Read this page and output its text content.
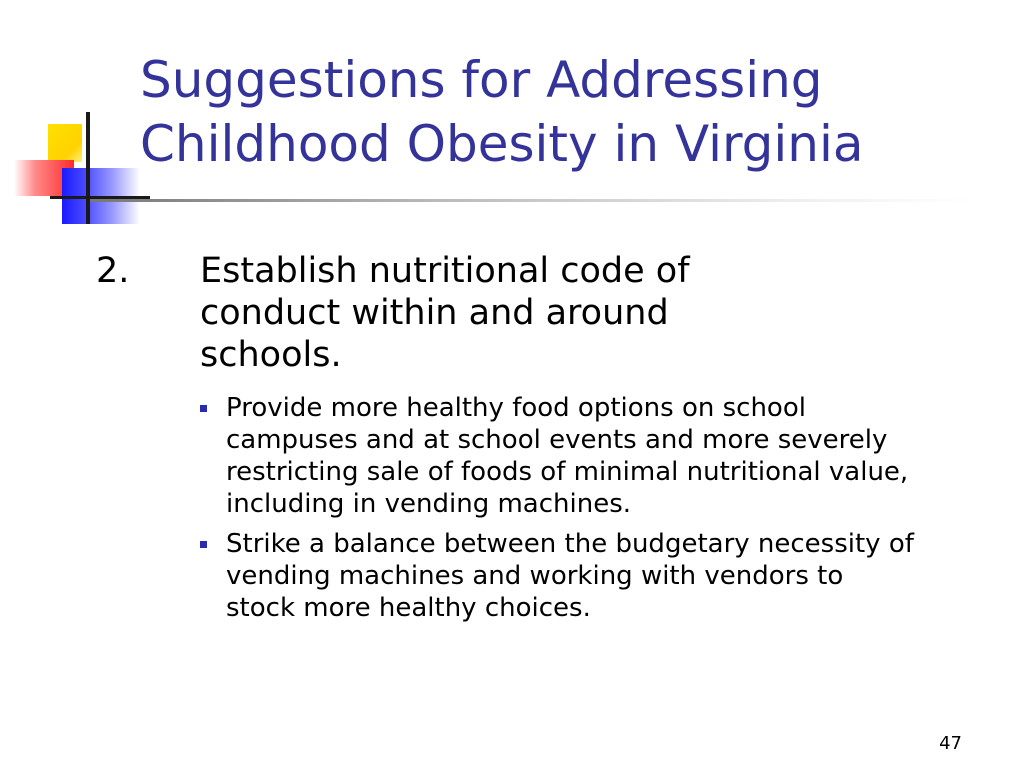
Suggestions for Addressing
Childhood Obesity in Virginia
2. Establish nutritional code of conduct within and around schools.
Provide more healthy food options on school campuses and at school events and more severely restricting sale of foods of minimal nutritional value, including in vending machines.
Strike a balance between the budgetary necessity of vending machines and working with vendors to stock more healthy choices.
47
